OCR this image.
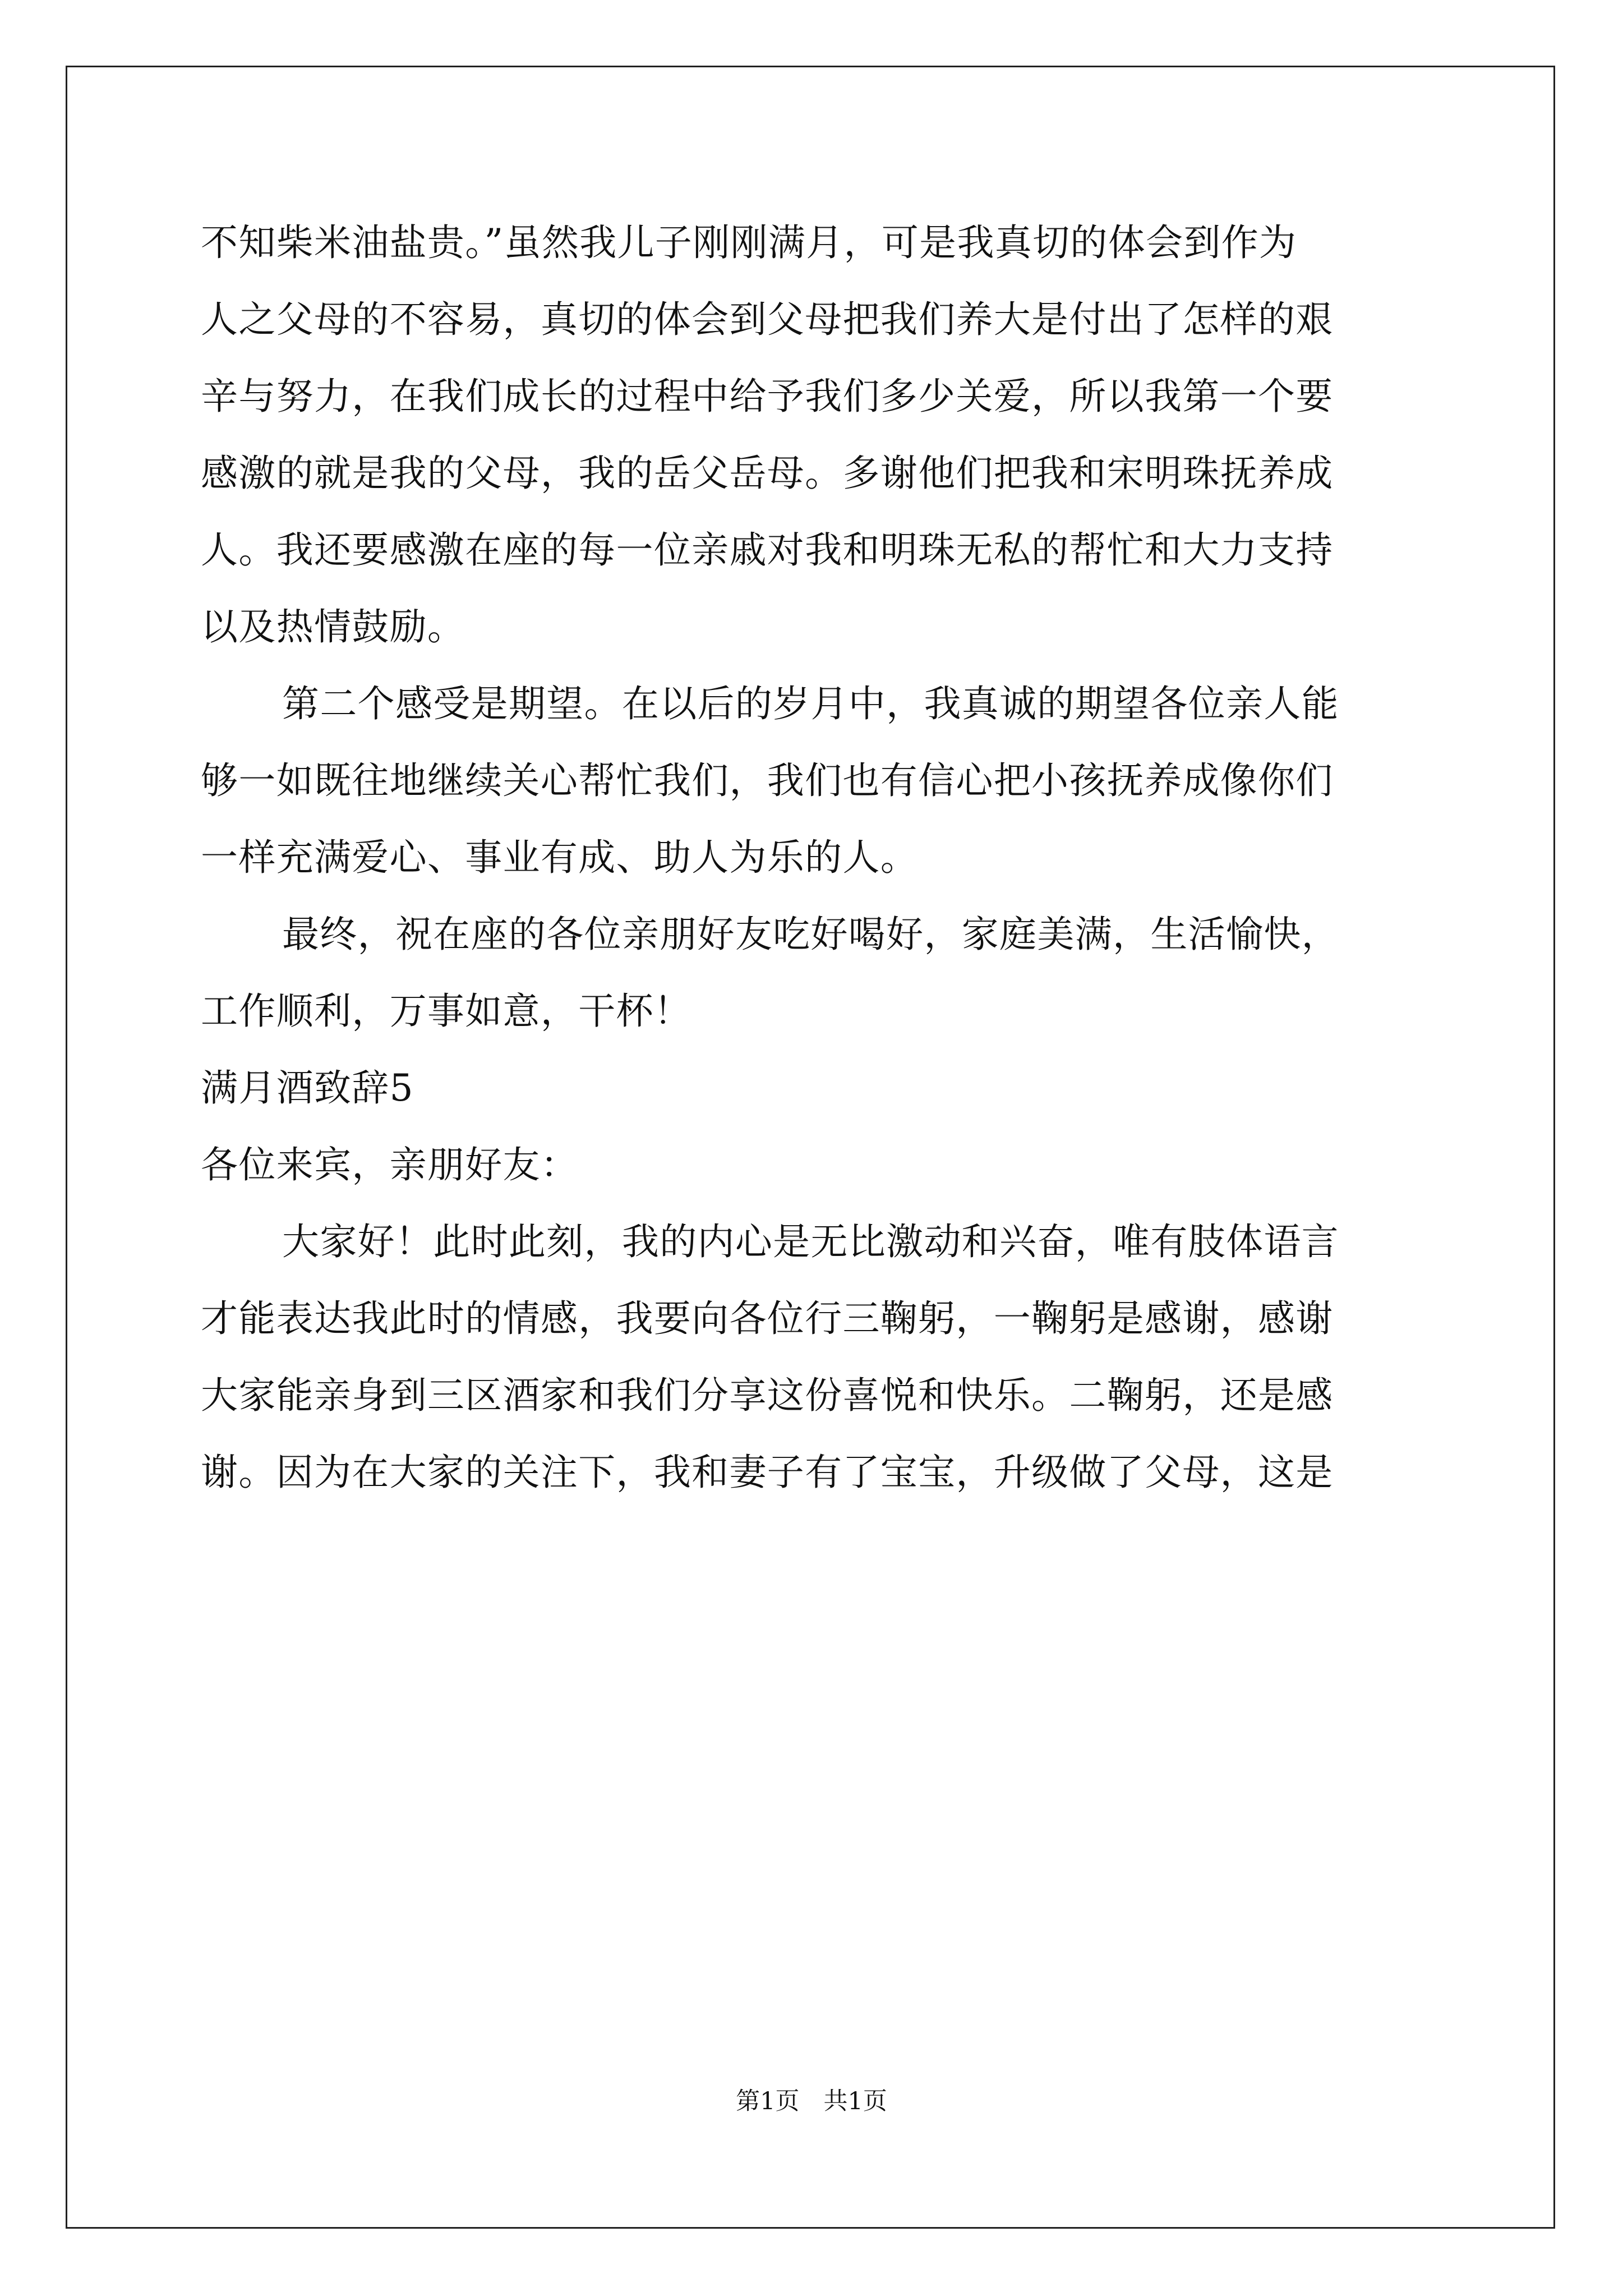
不知柴米油盐贵。”虽然我儿子刚刚满月，可是我真切的体会到作为
人之父母的不容易，真切的体会到父母把我们养大是付出了怎样的艰
辛与努力，在我们成长的过程中给予我们多少关爱，所以我第一个要
感激的就是我的父母，我的岳父岳母。多谢他们把我和宋明珠抚养成
人。我还要感激在座的每一位亲戚对我和明珠无私的帮忙和大力支持
以及热情鼓励。
第二个感受是期望。在以后的岁月中，我真诚的期望各位亲人能
够一如既往地继续关心帮忙我们，我们也有信心把小孩抚养成像你们
一样充满爱心、事业有成、助人为乐的人。
最终，祝在座的各位亲朋好友吃好喝好，家庭美满，生活愉快，
工作顺利，万事如意，干杯！
满月酒致辞5
各位来宾，亲朋好友：
大家好！此时此刻，我的内心是无比激动和兴奋，唯有肢体语言
才能表达我此时的情感，我要向各位行三鞠躬，一鞠躬是感谢，感谢
大家能亲身到三区酒家和我们分享这份喜悦和快乐。二鞠躬，还是感
谢。因为在大家的关注下，我和妻子有了宝宝，升级做了父母，这是
第1页　共1页
